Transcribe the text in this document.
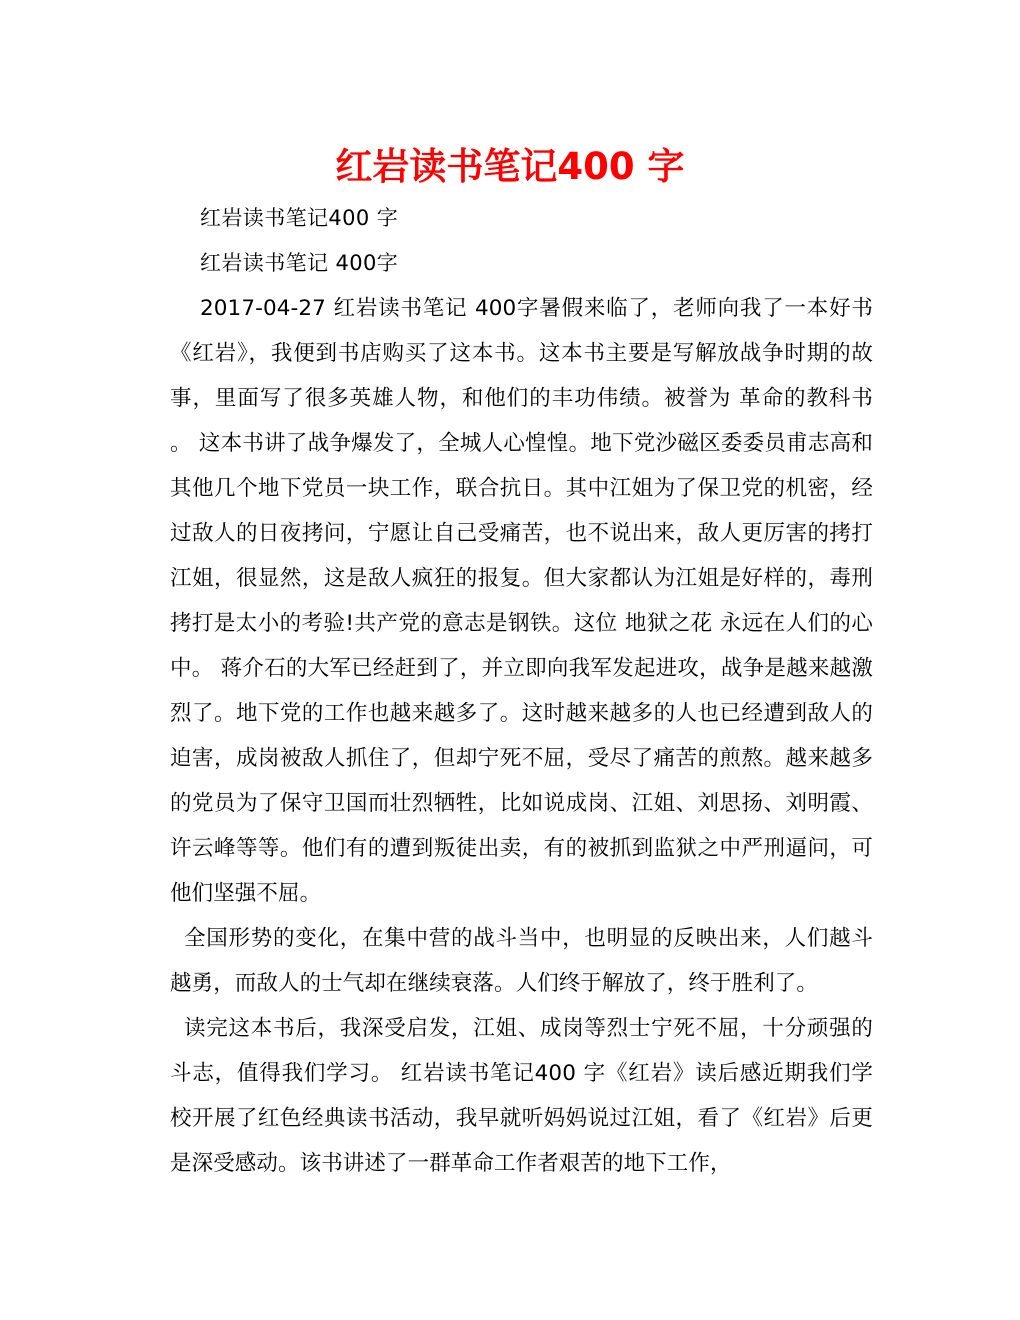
红岩读书笔记400 字
红岩读书笔记400 字
红岩读书笔记 400字

2017-04-27 红岩读书笔记 400字暑假来临了，老师向我了一本好书 《红岩》，我便到书店购买了这本书。这本书主要是写解放战争时期的故事，里面写了很多英雄人物，和他们的丰功伟绩。被誉为 革命的教科书 。 这本书讲了战争爆发了，全城人心惶惶。地下党沙磁区委委员甫志高和其他几个地下党员一块工作，联合抗日。其中江姐为了保卫党的机密，经过敌人的日夜拷问，宁愿让自己受痛苦，也不说出来，敌人更厉害的拷打江姐，很显然，这是敌人疯狂的报复。但大家都认为江姐是好样的，毒刑拷打是太小的考验!共产党的意志是钢铁。这位 地狱之花 永远在人们的心中。 蒋介石的大军已经赶到了，并立即向我军发起进攻，战争是越来越激烈了。地下党的工作也越来越多了。这时越来越多的人也已经遭到敌人的迫害，成岗被敌人抓住了，但却宁死不屈，受尽了痛苦的煎熬。越来越多的党员为了保守卫国而壮烈牺牲，比如说成岗、江姐、刘思扬、刘明霞、许云峰等等。他们有的遭到叛徒出卖，有的被抓到监狱之中严刑逼问，可他们坚强不屈。

全国形势的变化，在集中营的战斗当中，也明显的反映出来，人们越斗越勇，而敌人的士气却在继续衰落。人们终于解放了，终于胜利了。

读完这本书后，我深受启发，江姐、成岗等烈士宁死不屈，十分顽强的斗志，值得我们学习。 红岩读书笔记400 字《红岩》读后感近期我们学校开展了红色经典读书活动，我早就听妈妈说过江姐，看了《红岩》后更是深受感动。该书讲述了一群革命工作者艰苦的地下工作，
